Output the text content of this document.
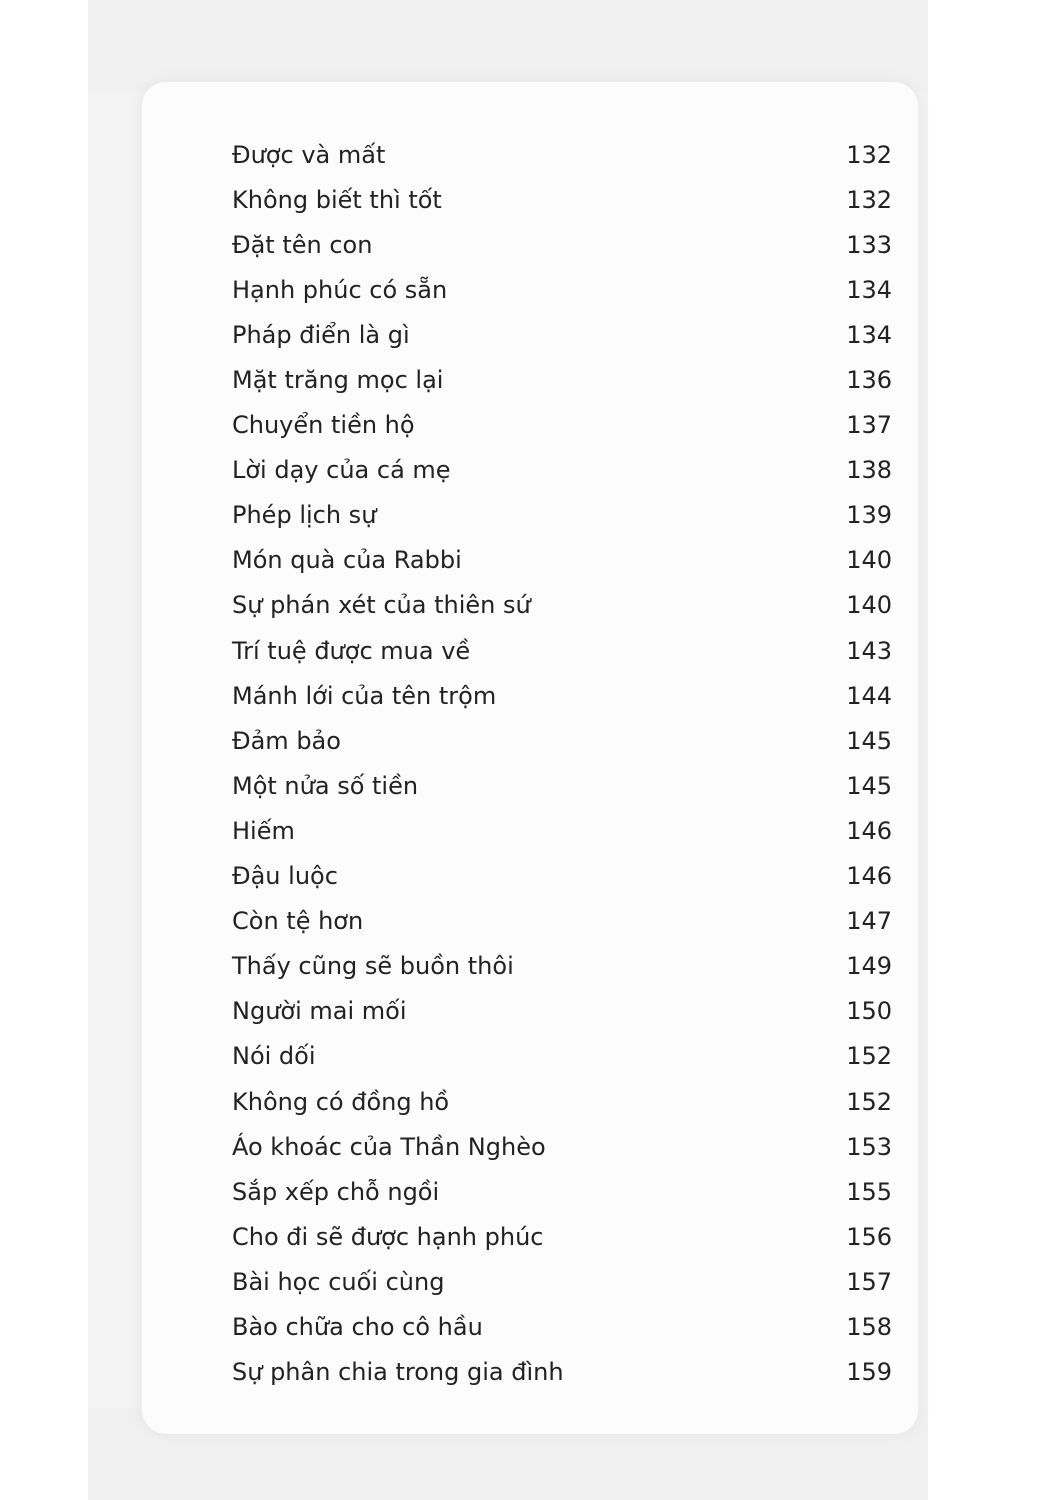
Được và mất	132
Không biết thì tốt	132
Đặt tên con	133
Hạnh phúc có sẵn	134
Pháp điển là gì	134
Mặt trăng mọc lại	136
Chuyển tiền hộ	137
Lời dạy của cá mẹ	138
Phép lịch sự	139
Món quà của Rabbi	140
Sự phán xét của thiên sứ	140
Trí tuệ được mua về	143
Mánh lới của tên trộm	144
Đảm bảo	145
Một nửa số tiền	145
Hiếm	146
Đậu luộc	146
Còn tệ hơn	147
Thấy cũng sẽ buồn thôi	149
Người mai mối	150
Nói dối	152
Không có đồng hồ	152
Áo khoác của Thần Nghèo	153
Sắp xếp chỗ ngồi	155
Cho đi sẽ được hạnh phúc	156
Bài học cuối cùng	157
Bào chữa cho cô hầu	158
Sự phân chia trong gia đình	159
